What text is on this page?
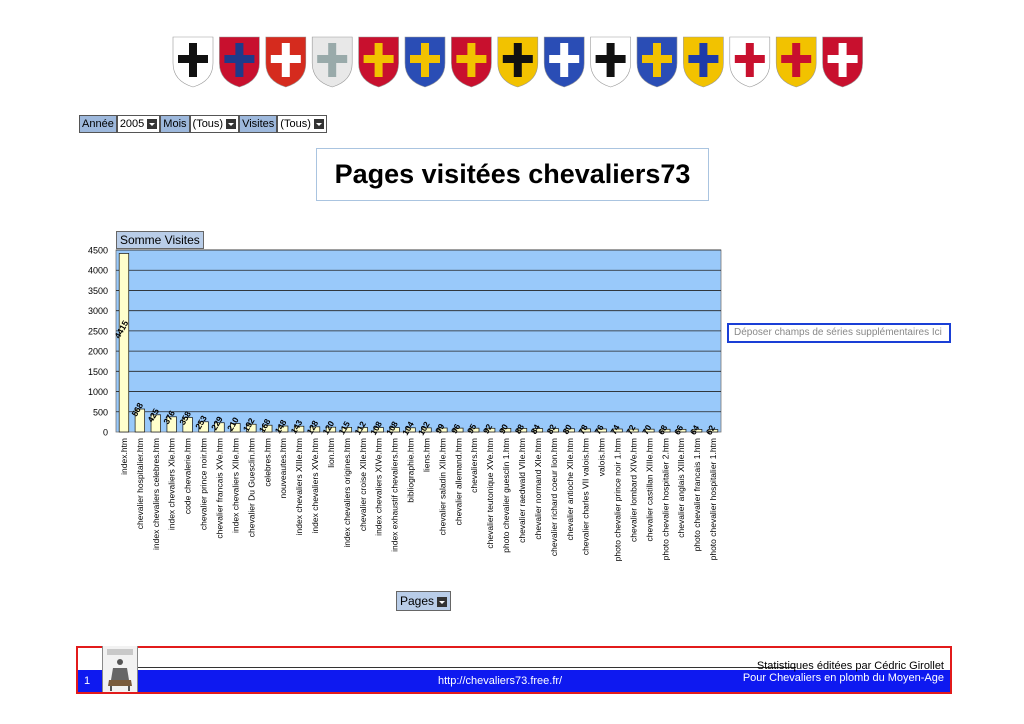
Année 2005	Mois (Tous)	Visites (Tous)
Pages visitées chevaliers73
0
500
1000
1500
2000
2500
3000
3500
4000
4500
4415
index.htm
568
chevalier hospitalier.htm
425
index chevaliers celebres.htm
376
index chevaliers Xle.htm
358
code chevalerie.htm
253
chevalier prince noir.htm
229
chevalier francais XVe.htm
210
index chevaliers XIIe.htm
192
chevalier Du Guesclin.htm
168
celebres.htm
148
nouveautes.htm
143
index chevaliers XIIIe.htm
128
index chevaliers XVe.htm
120
lion.htm
115
index chevaliers origines.htm
112
chevalier croise XIIe.htm
108
index chevaliers XIVe.htm
108
index exhaustif chevaliers.htm
104
bibliographie.htm
102
liens.htm
99
chevalier saladin XIIe.htm
96
chevalier allemand.htm
95
chevaliers.htm
92
chevalier teutonique XVe.htm
90
photo chevalier guesclin 1.htm
88
chevalier raedwald VIIe.htm
84
chevalier normand XIe.htm
82
chevalier richard coeur lion.htm
80
chevalier antioche XIIe.htm
78
chevalier charles VII valois.htm
76
valois.htm
74
photo chevalier prince noir 1.htm
72
chevalier lombard XIVe.htm
70
chevalier castillan XIIIe.htm
68
photo chevalier hospitalier 2.htm
66
chevalier anglais XIIIe.htm
64
photo chevalier francais 1.htm
62
photo chevalier hospitalier 1.htm
Somme Visites
Déposer champs de séries supplémentaires Ici
Pages
1	http://chevaliers73.free.fr/
Statistiques éditées par Cédric Girollet
Pour Chevaliers en plomb du Moyen-Age
